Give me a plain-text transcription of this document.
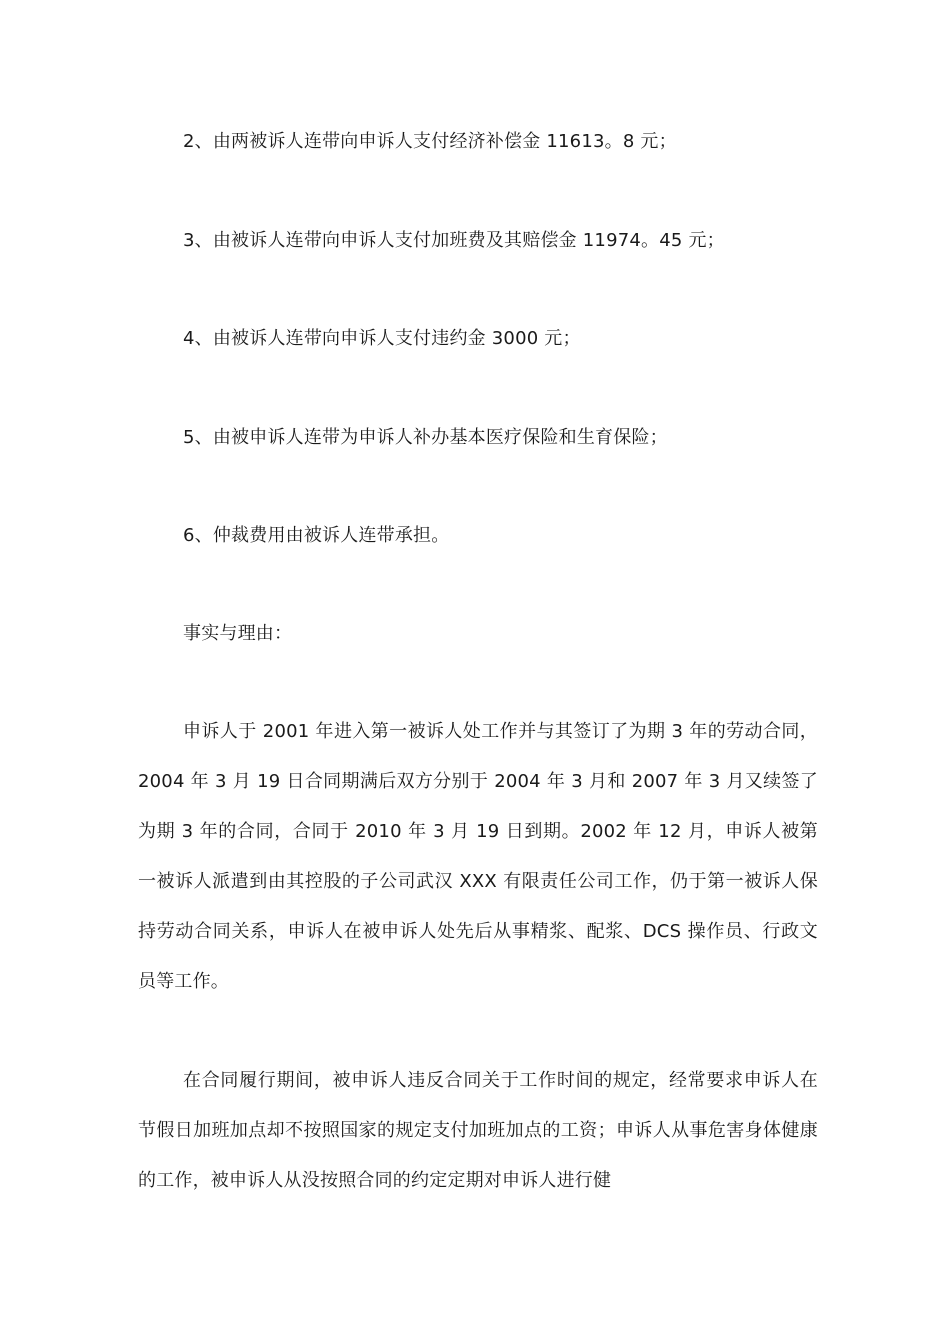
2、由两被诉人连带向申诉人支付经济补偿金 11613。8 元；
3、由被诉人连带向申诉人支付加班费及其赔偿金 11974。45 元；
4、由被诉人连带向申诉人支付违约金 3000 元；
5、由被申诉人连带为申诉人补办基本医疗保险和生育保险；
6、仲裁费用由被诉人连带承担。
事实与理由：
申诉人于 2001 年进入第一被诉人处工作并与其签订了为期 3 年的劳动合同，2004 年 3 月 19 日合同期满后双方分别于 2004 年 3 月和 2007 年 3 月又续签了为期 3 年的合同，合同于 2010 年 3 月 19 日到期。2002 年 12 月，申诉人被第一被诉人派遣到由其控股的子公司武汉 XXX 有限责任公司工作，仍于第一被诉人保持劳动合同关系，申诉人在被申诉人处先后从事精浆、配浆、DCS 操作员、行政文员等工作。
在合同履行期间，被申诉人违反合同关于工作时间的规定，经常要求申诉人在节假日加班加点却不按照国家的规定支付加班加点的工资；申诉人从事危害身体健康的工作，被申诉人从没按照合同的约定定期对申诉人进行健
